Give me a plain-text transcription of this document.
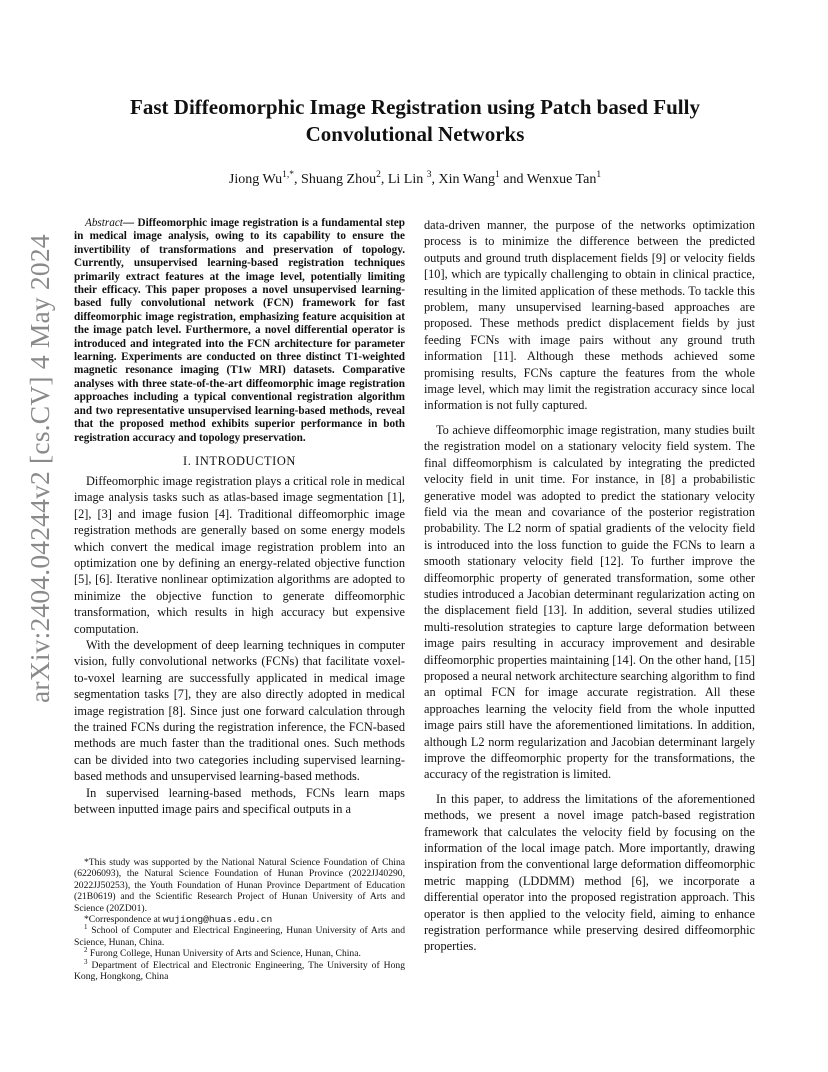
arXiv:2404.04244v2 [cs.CV] 4 May 2024
Fast Diffeomorphic Image Registration using Patch based Fully Convolutional Networks
Jiong $Wu^{1,*}$, Shuang Zhou$^2$, Li Lin $^3$, Xin Wang$^1$ and Wenxue Tan$^1$

Abstract— Diffeomorphic image registration is a fundamental step in medical image analysis, owing to its capability to ensure the invertibility of transformations and preservation of topology. Currently, unsupervised learning-based registration techniques primarily extract features at the image level, potentially limiting their efficacy. This paper proposes a novel unsupervised learning-based fully convolutional network (FCN) framework for fast diffeomorphic image registration, emphasizing feature acquisition at the image patch level. Furthermore, a novel differential operator is introduced and integrated into the FCN architecture for parameter learning. Experiments are conducted on three distinct T1-weighted magnetic resonance imaging (T1w MRI) datasets. Comparative analyses with three state-of-the-art diffeomorphic image registration approaches including a typical conventional registration algorithm and two representative unsupervised learning-based methods, reveal that the proposed method exhibits superior performance in both registration accuracy and topology preservation.

I. INTRODUCTION

Diffeomorphic image registration plays a critical role in medical image analysis tasks such as atlas-based image segmentation [1], [2], [3] and image fusion [4]. Traditional diffeomorphic image registration methods are generally based on some energy models which convert the medical image registration problem into an optimization one by defining an energy-related objective function [5], [6]. Iterative nonlinear optimization algorithms are adopted to minimize the objective function to generate diffeomorphic transformation, which results in high accuracy but expensive computation.

With the development of deep learning techniques in computer vision, fully convolutional networks (FCNs) that facilitate voxel-to-voxel learning are successfully applicated in medical image segmentation tasks [7], they are also directly adopted in medical image registration [8]. Since just one forward calculation through the trained FCNs during the registration inference, the FCN-based methods are much faster than the traditional ones. Such methods can be divided into two categories including supervised learning-based methods and unsupervised learning-based methods.

In supervised learning-based methods, FCNs learn maps between inputted image pairs and specifical outputs in a

*This study was supported by the National Natural Science Foundation of China (62206093), the Natural Science Foundation of Hunan Province (2022JJ40290, 2022JJ50253), the Youth Foundation of Hunan Province Department of Education (21B0619) and the Scientific Research Project of Hunan University of Arts and Science (20ZD01).

*Correspondence at wujiong@huas.edu.cn

$^1$ School of Computer and Electrical Engineering, Hunan University of Arts and Science, Hunan, China.

$^2$ Furong College, Hunan University of Arts and Science, Hunan, China.

$^3$ Department of Electrical and Electronic Engineering, The University of Hong Kong, Hongkong, China

data-driven manner, the purpose of the networks optimization process is to minimize the difference between the predicted outputs and ground truth displacement fields [9] or velocity fields [10], which are typically challenging to obtain in clinical practice, resulting in the limited application of these methods. To tackle this problem, many unsupervised learning-based approaches are proposed. These methods predict displacement fields by just feeding FCNs with image pairs without any ground truth information [11]. Although these methods achieved some promising results, FCNs capture the features from the whole image level, which may limit the registration accuracy since local information is not fully captured.

To achieve diffeomorphic image registration, many studies built the registration model on a stationary velocity field system. The final diffeomorphism is calculated by integrating the predicted velocity field in unit time. For instance, in [8] a probabilistic generative model was adopted to predict the stationary velocity field via the mean and covariance of the posterior registration probability. The L2 norm of spatial gradients of the velocity field is introduced into the loss function to guide the FCNs to learn a smooth stationary velocity field [12]. To further improve the diffeomorphic property of generated transformation, some other studies introduced a Jacobian determinant regularization acting on the displacement field [13]. In addition, several studies utilized multi-resolution strategies to capture large deformation between image pairs resulting in accuracy improvement and desirable diffeomorphic properties maintaining [14]. On the other hand, [15] proposed a neural network architecture searching algorithm to find an optimal FCN for image accurate registration. All these approaches learning the velocity field from the whole inputted image pairs still have the aforementioned limitations. In addition, although L2 norm regularization and Jacobian determinant largely improve the diffeomorphic property for the transformations, the accuracy of the registration is limited.

In this paper, to address the limitations of the aforementioned methods, we present a novel image patch-based registration framework that calculates the velocity field by focusing on the information of the local image patch. More importantly, drawing inspiration from the conventional large deformation diffeomorphic metric mapping (LDDMM) method [6], we incorporate a differential operator into the proposed registration approach. This operator is then applied to the velocity field, aiming to enhance registration performance while preserving desired diffeomorphic properties.
